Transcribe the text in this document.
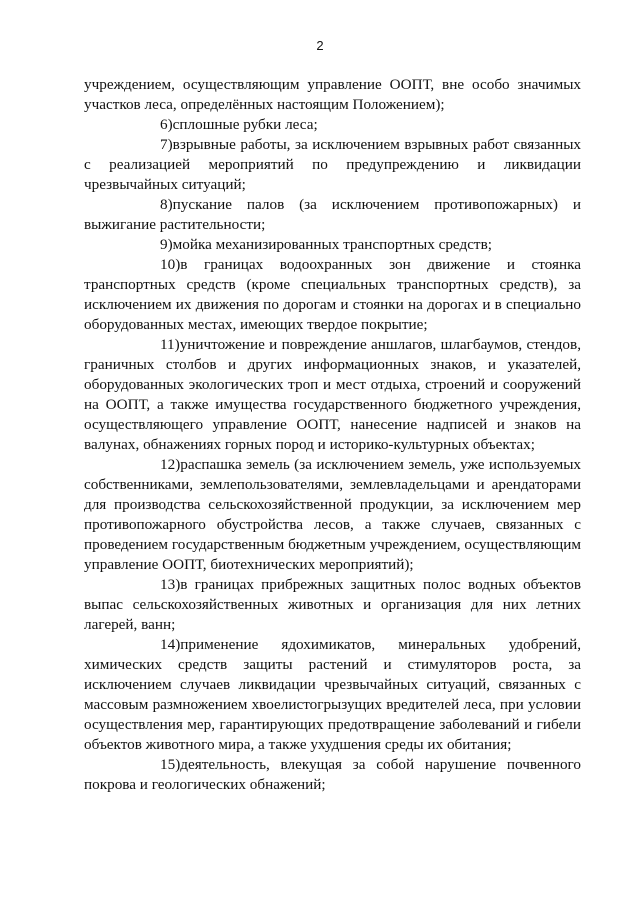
2

учреждением, осуществляющим управление ООПТ, вне особо значимых участков леса, определённых настоящим Положением);

6)сплошные рубки леса;

7)взрывные работы, за исключением взрывных работ связанных с реализацией мероприятий по предупреждению и ликвидации чрезвычайных ситуаций;

8)пускание палов (за исключением противопожарных) и выжигание растительности;

9)мойка механизированных транспортных средств;

10)в границах водоохранных зон движение и стоянка транспортных средств (кроме специальных транспортных средств), за исключением их движения по дорогам и стоянки на дорогах и в специально оборудованных местах, имеющих твердое покрытие;

11)уничтожение и повреждение аншлагов, шлагбаумов, стендов, граничных столбов и других информационных знаков, и указателей, оборудованных экологических троп и мест отдыха, строений и сооружений на ООПТ, а также имущества государственного бюджетного учреждения, осуществляющего управление ООПТ, нанесение надписей и знаков на валунах, обнажениях горных пород и историко-культурных объектах;

12)распашка земель (за исключением земель, уже используемых собственниками, землепользователями, землевладельцами и арендаторами для производства сельскохозяйственной продукции, за исключением мер противопожарного обустройства лесов, а также случаев, связанных с проведением государственным бюджетным учреждением, осуществляющим управление ООПТ, биотехнических мероприятий);

13)в границах прибрежных защитных полос водных объектов выпас сельскохозяйственных животных и организация для них летних лагерей, ванн;

14)применение ядохимикатов, минеральных удобрений, химических средств защиты растений и стимуляторов роста, за исключением случаев ликвидации чрезвычайных ситуаций, связанных с массовым размножением хвоелистогрызущих вредителей леса, при условии осуществления мер, гарантирующих предотвращение заболеваний и гибели объектов животного мира, а также ухудшения среды их обитания;

15)деятельность, влекущая за собой нарушение почвенного покрова и геологических обнажений;
